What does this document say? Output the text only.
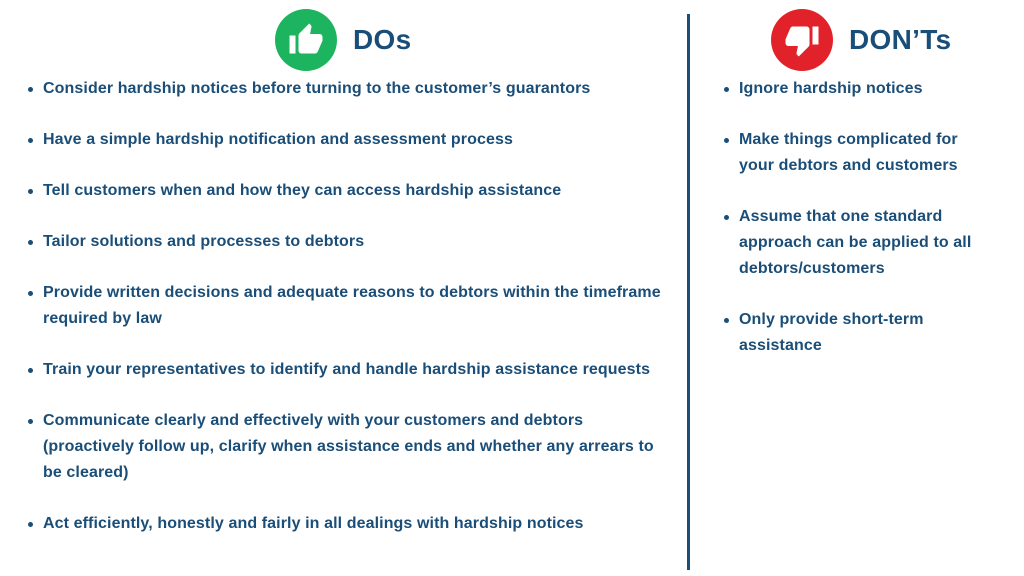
DOs	DON’Ts
Consider hardship notices before turning to the customer’s guarantors
Have a simple hardship notification and assessment process
Tell customers when and how they can access hardship assistance
Tailor solutions and processes to debtors
Provide written decisions and adequate reasons to debtors within the timeframe required by law
Train your representatives to identify and handle hardship assistance requests
Communicate clearly and effectively with your customers and debtors (proactively follow up, clarify when assistance ends and whether any arrears to be cleared)
Act efficiently, honestly and fairly in all dealings with hardship notices
Ignore hardship notices
Make things complicated for your debtors and customers
Assume that one standard approach can be applied to all debtors/customers
Only provide short-term assistance
